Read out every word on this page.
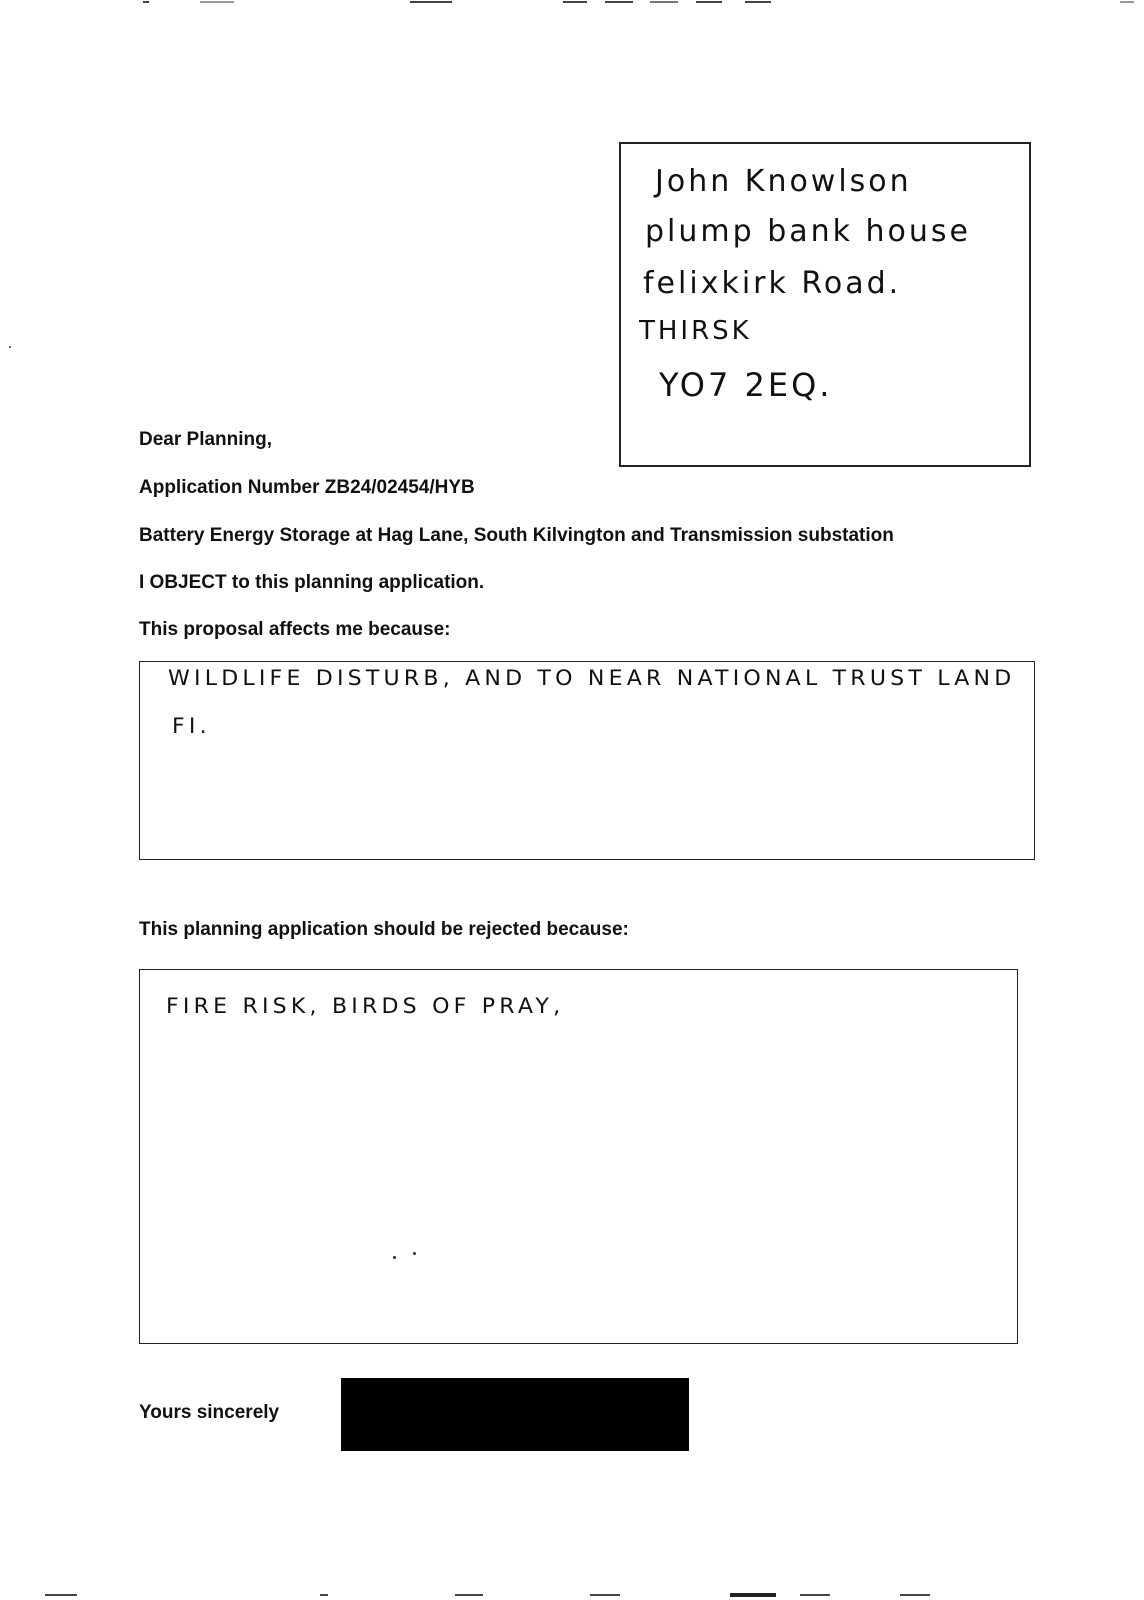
John Knowlson
plump bank house
felixkirk Road.
THIRSK
YO7 2EQ.
Dear Planning,
Application Number ZB24/02454/HYB
Battery Energy Storage at Hag Lane, South Kilvington and Transmission substation
I OBJECT to this planning application.
This proposal affects me because:
WILDLIFE DISTURB, AND TO NEAR NATIONAL TRUST LAND
FI.
This planning application should be rejected because:
FIRE RISK, BIRDS OF PRAY,
Yours sincerely
